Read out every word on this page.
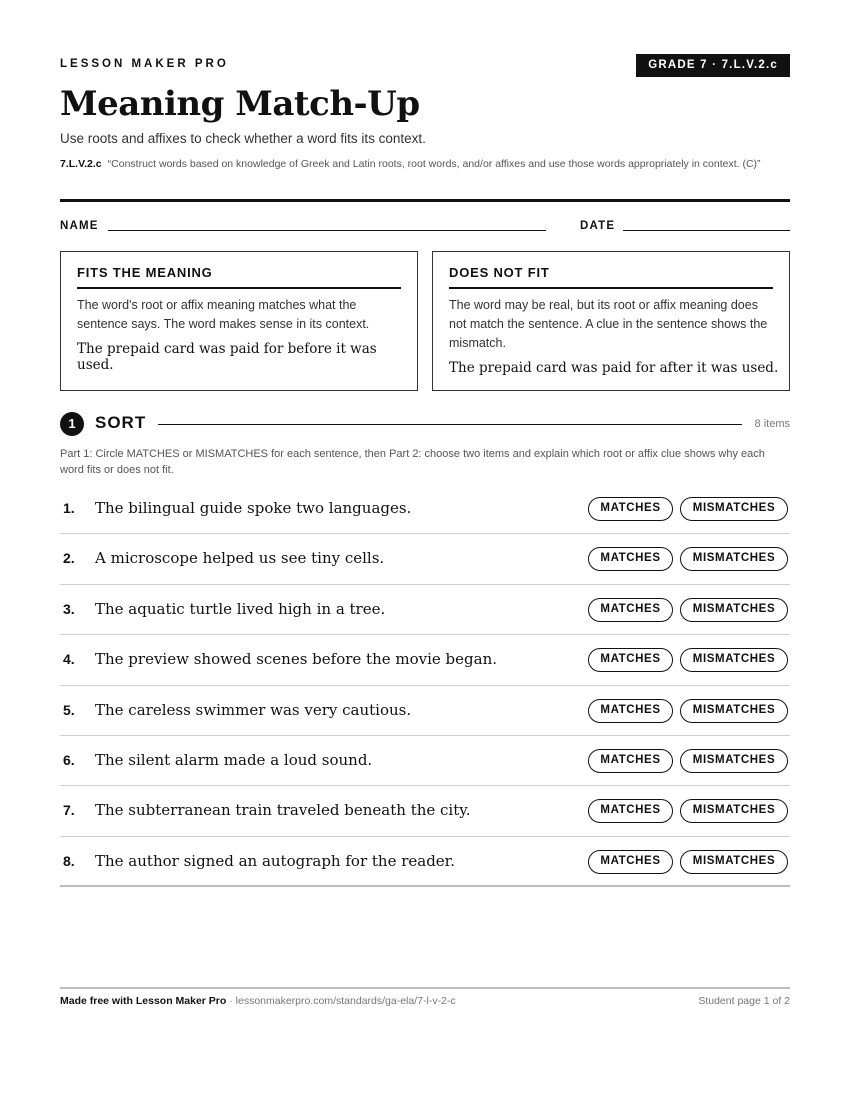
LESSON MAKER PRO	GRADE 7 · 7.L.V.2.c
Meaning Match-Up
Use roots and affixes to check whether a word fits its context.
7.L.V.2.c “Construct words based on knowledge of Greek and Latin roots, root words, and/or affixes and use those words appropriately in context. (C)”
NAME	DATE
FITS THE MEANING
The word's root or affix meaning matches what the sentence says. The word makes sense in its context.
The prepaid card was paid for before it was used.
DOES NOT FIT
The word may be real, but its root or affix meaning does not match the sentence. A clue in the sentence shows the mismatch.
The prepaid card was paid for after it was used.
1	SORT	8 items
Part 1: Circle MATCHES or MISMATCHES for each sentence, then Part 2: choose two items and explain which root or affix clue shows why each word fits or does not fit.
1. The bilingual guide spoke two languages.	MATCHES	MISMATCHES
2. A microscope helped us see tiny cells.	MATCHES	MISMATCHES
3. The aquatic turtle lived high in a tree.	MATCHES	MISMATCHES
4. The preview showed scenes before the movie began.	MATCHES	MISMATCHES
5. The careless swimmer was very cautious.	MATCHES	MISMATCHES
6. The silent alarm made a loud sound.	MATCHES	MISMATCHES
7. The subterranean train traveled beneath the city.	MATCHES	MISMATCHES
8. The author signed an autograph for the reader.	MATCHES	MISMATCHES
Made free with Lesson Maker Pro · lessonmakerpro.com/standards/ga-ela/7-l-v-2-c	Student page 1 of 2
